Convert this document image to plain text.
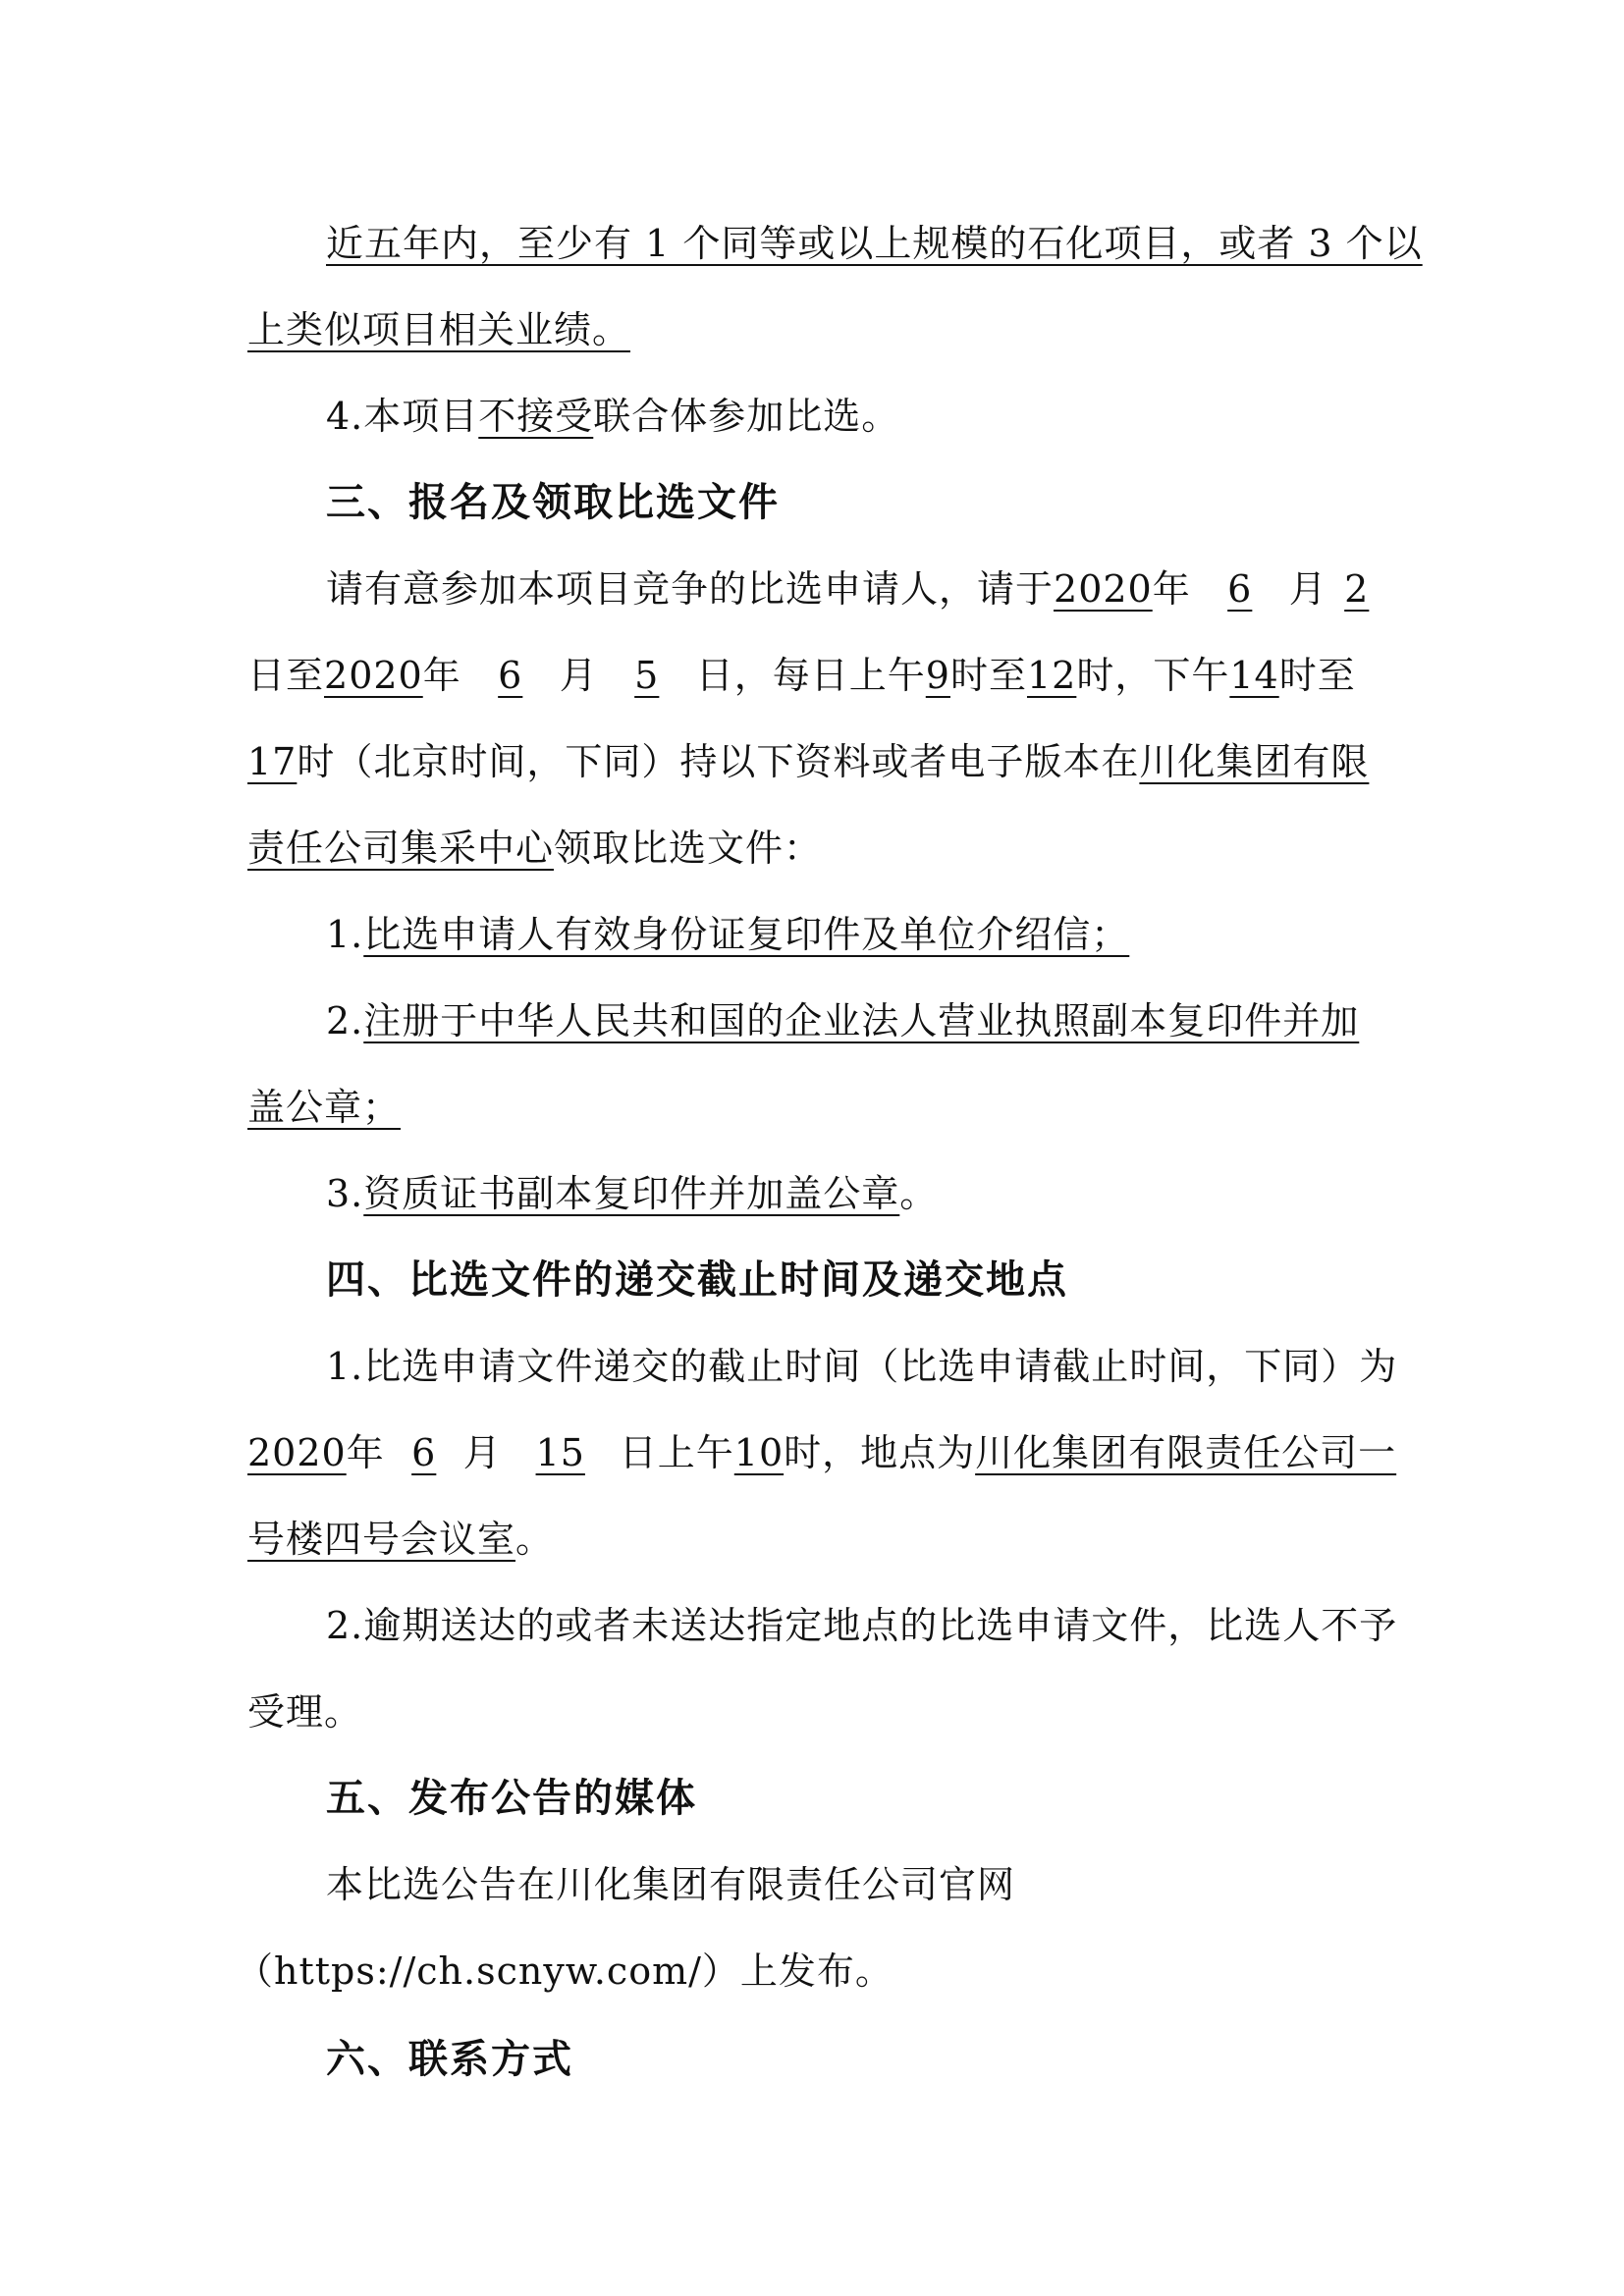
近五年内，至少有 1 个同等或以上规模的石化项目，或者 3 个以
上类似项目相关业绩。
4.本项目不接受联合体参加比选。
三、报名及领取比选文件
请有意参加本项目竞争的比选申请人，请于2020年 6 月 2
日至2020年 6 月 5 日，每日上午9时至12时，下午14时至
17时（北京时间，下同）持以下资料或者电子版本在川化集团有限
责任公司集采中心领取比选文件：
1.比选申请人有效身份证复印件及单位介绍信；
2.注册于中华人民共和国的企业法人营业执照副本复印件并加
盖公章；
3.资质证书副本复印件并加盖公章。
四、比选文件的递交截止时间及递交地点
1.比选申请文件递交的截止时间（比选申请截止时间，下同）为
2020年 6 月 15 日上午10时，地点为川化集团有限责任公司一
号楼四号会议室。
2.逾期送达的或者未送达指定地点的比选申请文件，比选人不予
受理。
五、发布公告的媒体
本比选公告在川化集团有限责任公司官网
（https://ch.scnyw.com/）上发布。
六、联系方式
